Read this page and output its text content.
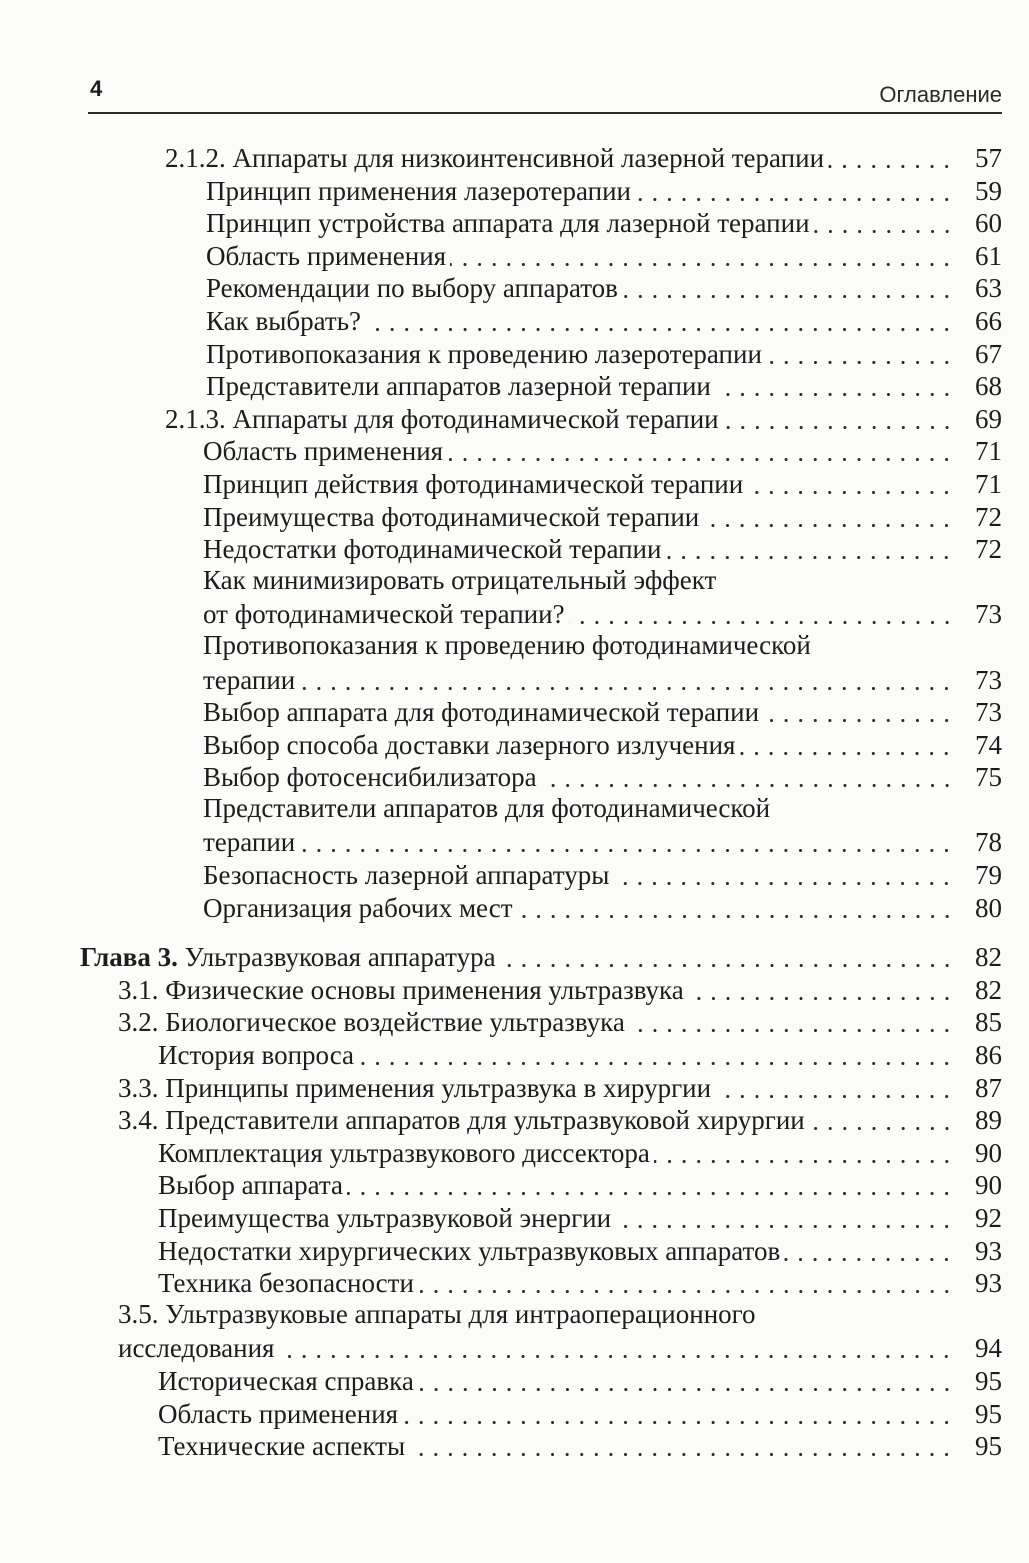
4	Оглавление
2.1.2. Аппараты для низкоинтенсивной лазерной терапии	57
Принцип применения лазеротерапии	59
Принцип устройства аппарата для лазерной терапии	60
Область применения	61
Рекомендации по выбору аппаратов	63
Как выбрать?	66
Противопоказания к проведению лазеротерапии	67
Представители аппаратов лазерной терапии	68
2.1.3. Аппараты для фотодинамической терапии	69
Область применения	71
Принцип действия фотодинамической терапии	71
Преимущества фотодинамической терапии	72
Недостатки фотодинамической терапии	72
Как минимизировать отрицательный эффект
от фотодинамической терапии?	73
Противопоказания к проведению фотодинамической
терапии	73
Выбор аппарата для фотодинамической терапии	73
Выбор способа доставки лазерного излучения	74
Выбор фотосенсибилизатора	75
Представители аппаратов для фотодинамической
терапии	78
Безопасность лазерной аппаратуры	79
Организация рабочих мест	80
Глава 3. Ультразвуковая аппаратура	82
3.1. Физические основы применения ультразвука	82
3.2. Биологическое воздействие ультразвука	85
История вопроса	86
3.3. Принципы применения ультразвука в хирургии	87
3.4. Представители аппаратов для ультразвуковой хирургии	89
Комплектация ультразвукового диссектора	90
Выбор аппарата	90
Преимущества ультразвуковой энергии	92
Недостатки хирургических ультразвуковых аппаратов	93
Техника безопасности	93
3.5. Ультразвуковые аппараты для интраоперационного
исследования	94
Историческая справка	95
Область применения	95
Технические аспекты	95
